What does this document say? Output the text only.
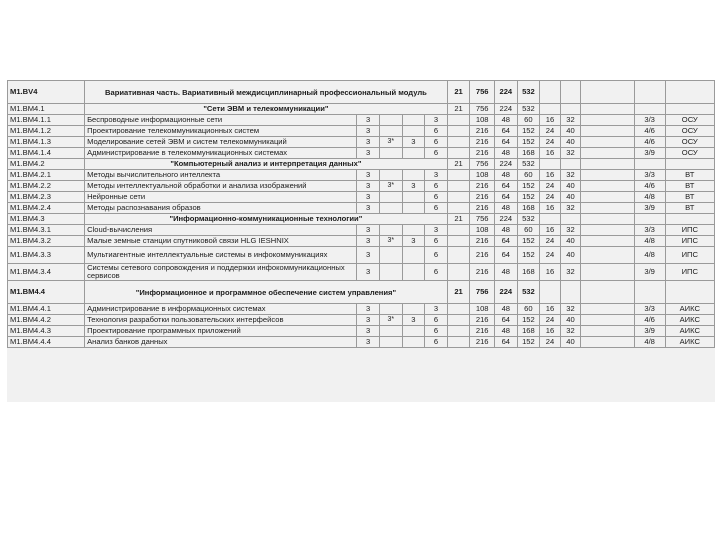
M1.BV4	Вариативная часть. Вариативный междисциплинарный профессиональный модуль					21	756	224	532					
M1.BM4.1	"Сети ЭВМ и телекоммуникации"					21	756	224	532					
M1.BM4.1.1	Беспроводные информационные сети	3			3		108	48	60	16	32		3/3	ОСУ
M1.BM4.1.2	Проектирование телекоммуникационных систем	3			6		216	64	152	24	40		4/6	ОСУ
M1.BM4.1.3	Моделирование сетей ЭВМ и систем телекоммуникаций	3	3*	3	6		216	64	152	24	40		4/6	ОСУ
M1.BM4.1.4	Администрирование в телекоммуникационных системах	3			6		216	48	168	16	32		3/9	ОСУ
M1.BM4.2	"Компьютерный анализ и интерпретация данных"					21	756	224	532					
M1.BM4.2.1	Методы вычислительного интеллекта	3			3		108	48	60	16	32		3/3	ВТ
M1.BM4.2.2	Методы интеллектуальной обработки и анализа изображений	3	3*	3	6		216	64	152	24	40		4/6	ВТ
M1.BM4.2.3	Нейронные сети	3			6		216	64	152	24	40		4/8	ВТ
M1.BM4.2.4	Методы распознавания образов	3			6		216	48	168	16	32		3/9	ВТ
M1.BM4.3	"Информационно-коммуникационные технологии"					21	756	224	532					
M1.BM4.3.1	Cloud-вычисления	3			3		108	48	60	16	32		3/3	ИПС
M1.BM4.3.2	Малые земные станции спутниковой связи HLG IESHNIX	3	3*	3	6		216	64	152	24	40		4/8	ИПС
M1.BM4.3.3	Мультиагентные интеллектуальные системы в инфокоммуникациях	3			6		216	64	152	24	40		4/8	ИПС
M1.BM4.3.4	Системы сетевого сопровождения и поддержки инфокоммуникационных сервисов	3			6		216	48	168	16	32		3/9	ИПС
M1.BM4.4	"Информационное и программное обеспечение систем управления"					21	756	224	532					
M1.BM4.4.1	Администрирование в информационных системах	3			3		108	48	60	16	32		3/3	АИКС
M1.BM4.4.2	Технология разработки пользовательских интерфейсов	3	3*	3	6		216	64	152	24	40		4/6	АИКС
M1.BM4.4.3	Проектирование программных приложений	3			6		216	48	168	16	32		3/9	АИКС
M1.BM4.4.4	Анализ банков данных	3			6		216	64	152	24	40		4/8	АИКС
